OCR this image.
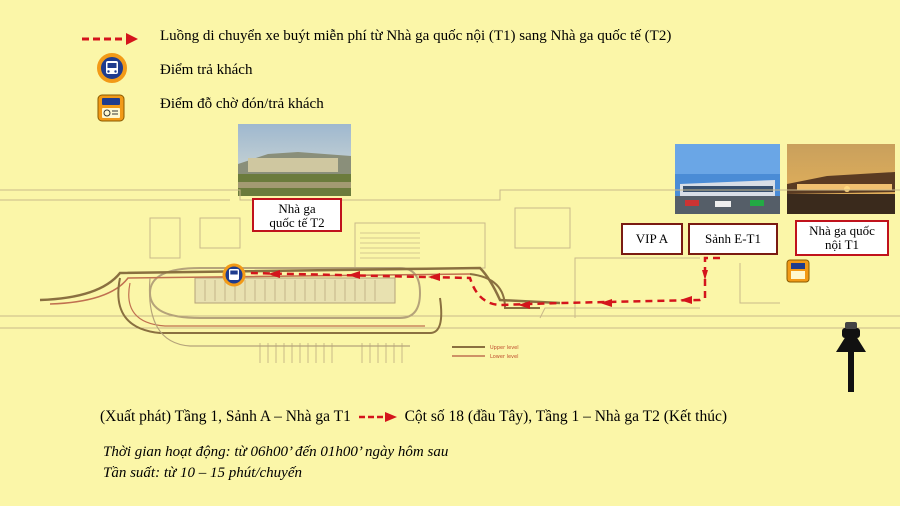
Luồng di chuyển xe buýt miễn phí từ Nhà ga quốc nội (T1) sang Nhà ga quốc tế (T2)
Điểm trả khách
Điểm đỗ chờ đón/trả khách
Upper level
Lower level
Nhà ga
quốc tế T2
VIP A	Sảnh E-T1
Nhà ga quốc
nội T1
(Xuất phát) Tầng 1, Sảnh A – Nhà ga T1	Cột số 18 (đầu Tây), Tầng 1 – Nhà ga T2 (Kết thúc)
Thời gian hoạt động: từ 06h00’ đến 01h00’ ngày hôm sau
Tần suất: từ 10 – 15 phút/chuyến
